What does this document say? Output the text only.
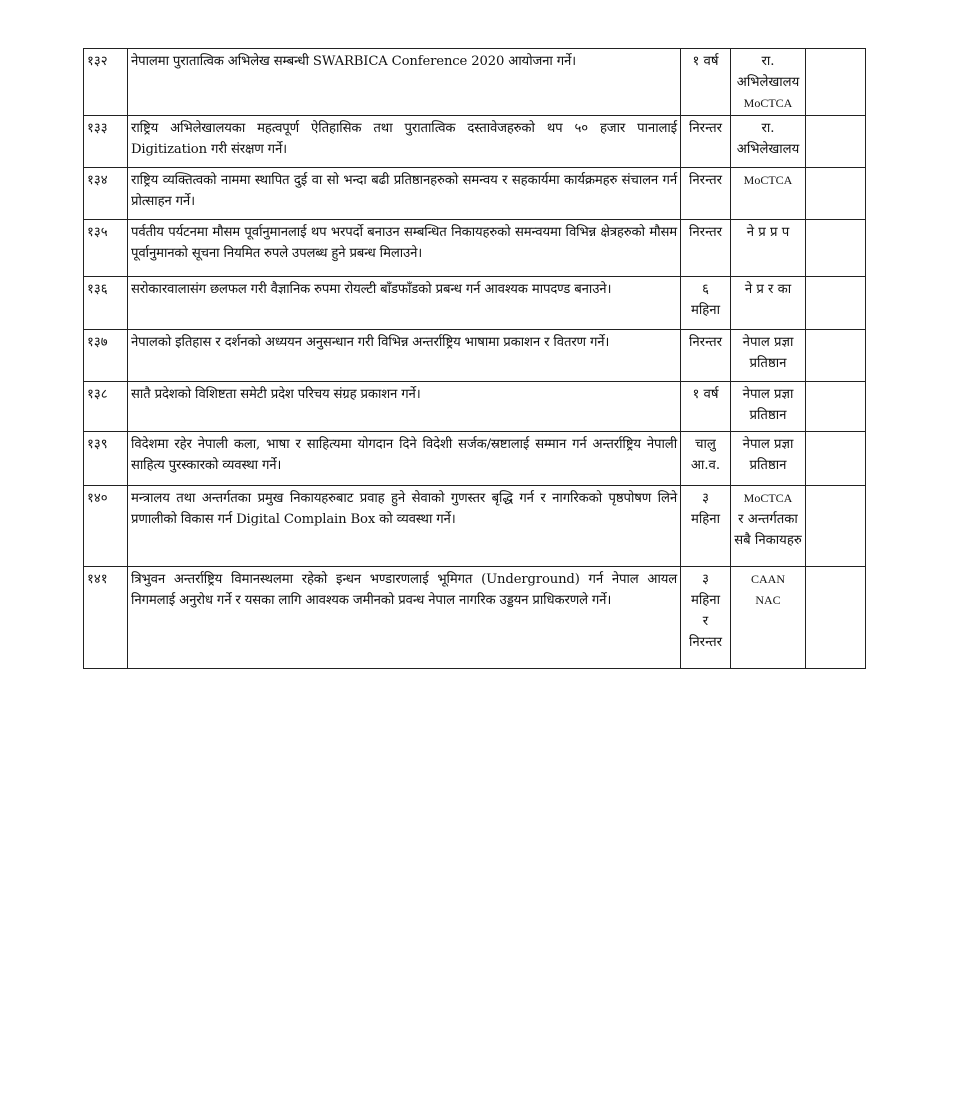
१३२	नेपालमा पुरातात्विक अभिलेख सम्बन्धी SWARBICA Conference 2020 आयोजना गर्ने।	१ वर्ष	रा.
अभिलेखालय
MoCTCA	

१३३	राष्ट्रिय अभिलेखालयका महत्वपूर्ण ऐतिहासिक तथा पुरातात्विक दस्तावेजहरुको थप ५० हजार पानालाई Digitization गरी संरक्षण गर्ने।	निरन्तर	रा.
अभिलेखालय	

१३४	राष्ट्रिय व्यक्तित्वको नाममा स्थापित दुई वा सो भन्दा बढी प्रतिष्ठानहरुको समन्वय र सहकार्यमा कार्यक्रमहरु संचालन गर्न प्रोत्साहन गर्ने।	निरन्तर	MoCTCA	

१३५	पर्वतीय पर्यटनमा मौसम पूर्वानुमानलाई थप भरपर्दो बनाउन सम्बन्धित निकायहरुको समन्वयमा विभिन्न क्षेत्रहरुको मौसम पूर्वानुमानको सूचना नियमित रुपले उपलब्ध हुने प्रबन्ध मिलाउने।	निरन्तर	ने प्र प्र प	

१३६	सरोकारवालासंग छलफल गरी वैज्ञानिक रुपमा रोयल्टी बाँडफाँडको प्रबन्ध गर्न आवश्यक मापदण्ड बनाउने।	६
महिना	ने प्र र का	

१३७	नेपालको इतिहास र दर्शनको अध्ययन अनुसन्धान गरी विभिन्न अन्तर्राष्ट्रिय भाषामा प्रकाशन र वितरण गर्ने।	निरन्तर	नेपाल प्रज्ञा
प्रतिष्ठान	

१३८	सातै प्रदेशको विशिष्टता समेटी प्रदेश परिचय संग्रह प्रकाशन गर्ने।	१ वर्ष	नेपाल प्रज्ञा
प्रतिष्ठान	

१३९	विदेशमा रहेर नेपाली कला, भाषा र साहित्यमा योगदान दिने विदेशी सर्जक/स्रष्टालाई सम्मान गर्न अन्तर्राष्ट्रिय नेपाली साहित्य पुरस्कारको व्यवस्था गर्ने।	चालु
आ.व.	नेपाल प्रज्ञा
प्रतिष्ठान	

१४०	मन्त्रालय तथा अन्तर्गतका प्रमुख निकायहरुबाट प्रवाह हुने सेवाको गुणस्तर बृद्धि गर्न र नागरिकको पृष्ठपोषण लिने प्रणालीको विकास गर्न Digital Complain Box को व्यवस्था गर्ने।	३
महिना	MoCTCA
र अन्तर्गतका
सबै निकायहरु	

१४१	त्रिभुवन अन्तर्राष्ट्रिय विमानस्थलमा रहेको इन्धन भण्डारणलाई भूमिगत (Underground) गर्न नेपाल आयल निगमलाई अनुरोध गर्ने र यसका लागि आवश्यक जमीनको प्रवन्ध नेपाल नागरिक उड्डयन प्राधिकरणले गर्ने।	३
महिना
र
निरन्तर	CAAN
NAC	
